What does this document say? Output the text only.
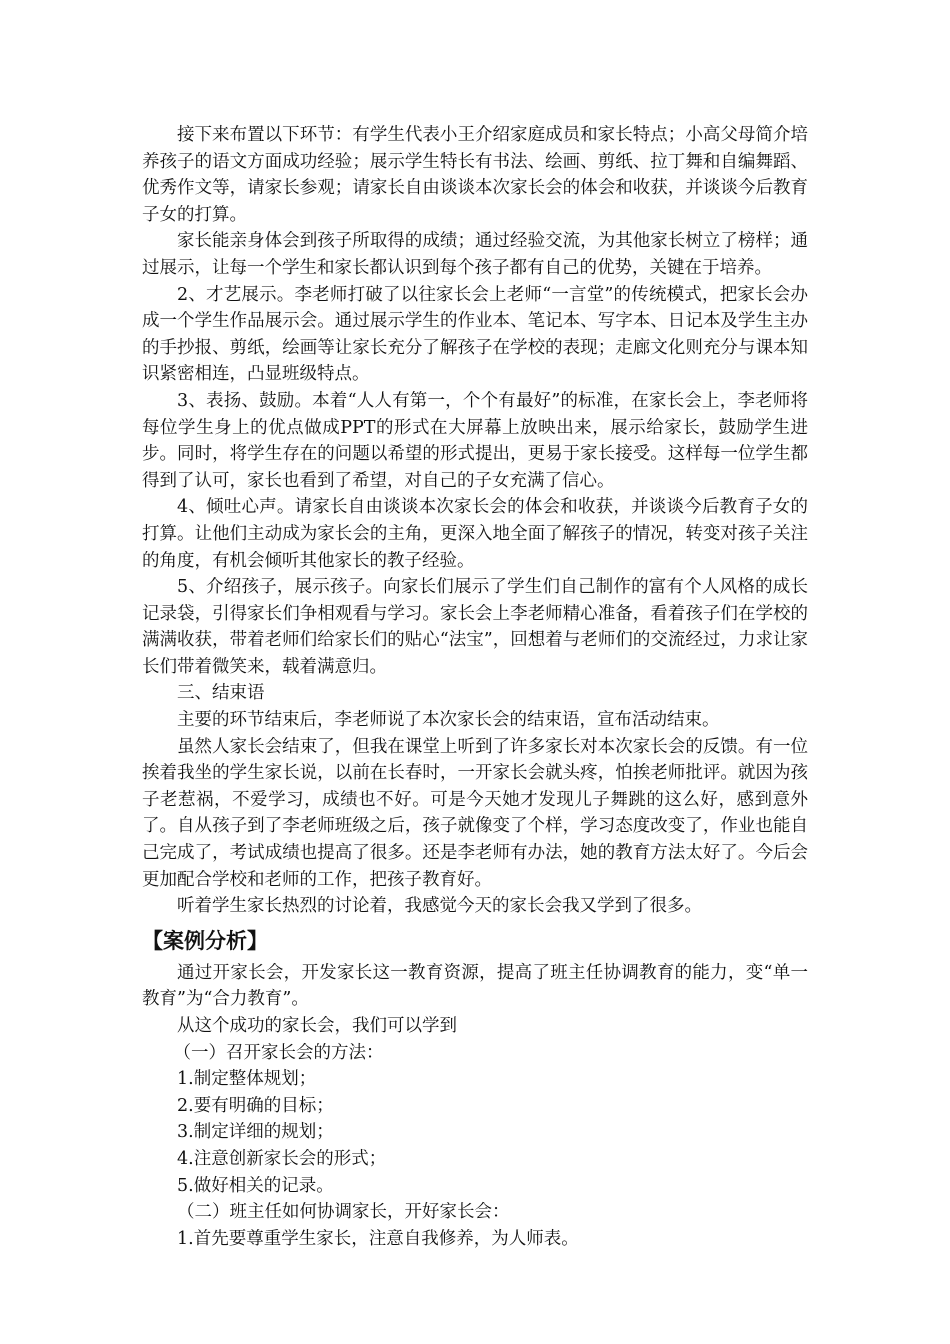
接下来布置以下环节：有学生代表小王介绍家庭成员和家长特点；小高父母简介培养孩子的语文方面成功经验；展示学生特长有书法、绘画、剪纸、拉丁舞和自编舞蹈、优秀作文等，请家长参观；请家长自由谈谈本次家长会的体会和收获，并谈谈今后教育子女的打算。

家长能亲身体会到孩子所取得的成绩；通过经验交流，为其他家长树立了榜样；通过展示，让每一个学生和家长都认识到每个孩子都有自己的优势，关键在于培养。

2、才艺展示。李老师打破了以往家长会上老师“一言堂”的传统模式，把家长会办成一个学生作品展示会。通过展示学生的作业本、笔记本、写字本、日记本及学生主办的手抄报、剪纸，绘画等让家长充分了解孩子在学校的表现；走廊文化则充分与课本知识紧密相连，凸显班级特点。

3、表扬、鼓励。本着“人人有第一，个个有最好”的标准，在家长会上，李老师将每位学生身上的优点做成PPT的形式在大屏幕上放映出来，展示给家长，鼓励学生进步。同时，将学生存在的问题以希望的形式提出，更易于家长接受。这样每一位学生都得到了认可，家长也看到了希望，对自己的子女充满了信心。

4、倾吐心声。请家长自由谈谈本次家长会的体会和收获，并谈谈今后教育子女的打算。让他们主动成为家长会的主角，更深入地全面了解孩子的情况，转变对孩子关注的角度，有机会倾听其他家长的教子经验。

5、介绍孩子，展示孩子。向家长们展示了学生们自己制作的富有个人风格的成长记录袋，引得家长们争相观看与学习。家长会上李老师精心准备，看着孩子们在学校的满满收获，带着老师们给家长们的贴心“法宝”，回想着与老师们的交流经过，力求让家长们带着微笑来，载着满意归。

三、结束语

主要的环节结束后，李老师说了本次家长会的结束语，宣布活动结束。

虽然人家长会结束了，但我在课堂上听到了许多家长对本次家长会的反馈。有一位挨着我坐的学生家长说，以前在长春时，一开家长会就头疼，怕挨老师批评。就因为孩子老惹祸，不爱学习，成绩也不好。可是今天她才发现儿子舞跳的这么好，感到意外了。自从孩子到了李老师班级之后，孩子就像变了个样，学习态度改变了，作业也能自己完成了，考试成绩也提高了很多。还是李老师有办法，她的教育方法太好了。今后会更加配合学校和老师的工作，把孩子教育好。

听着学生家长热烈的讨论着，我感觉今天的家长会我又学到了很多。

【案例分析】

通过开家长会，开发家长这一教育资源，提高了班主任协调教育的能力，变“单一教育”为“合力教育”。

从这个成功的家长会，我们可以学到

（一）召开家长会的方法：

1.制定整体规划；

2.要有明确的目标；

3.制定详细的规划；

4.注意创新家长会的形式；

5.做好相关的记录。

（二）班主任如何协调家长，开好家长会：

1.首先要尊重学生家长，注意自我修养，为人师表。
